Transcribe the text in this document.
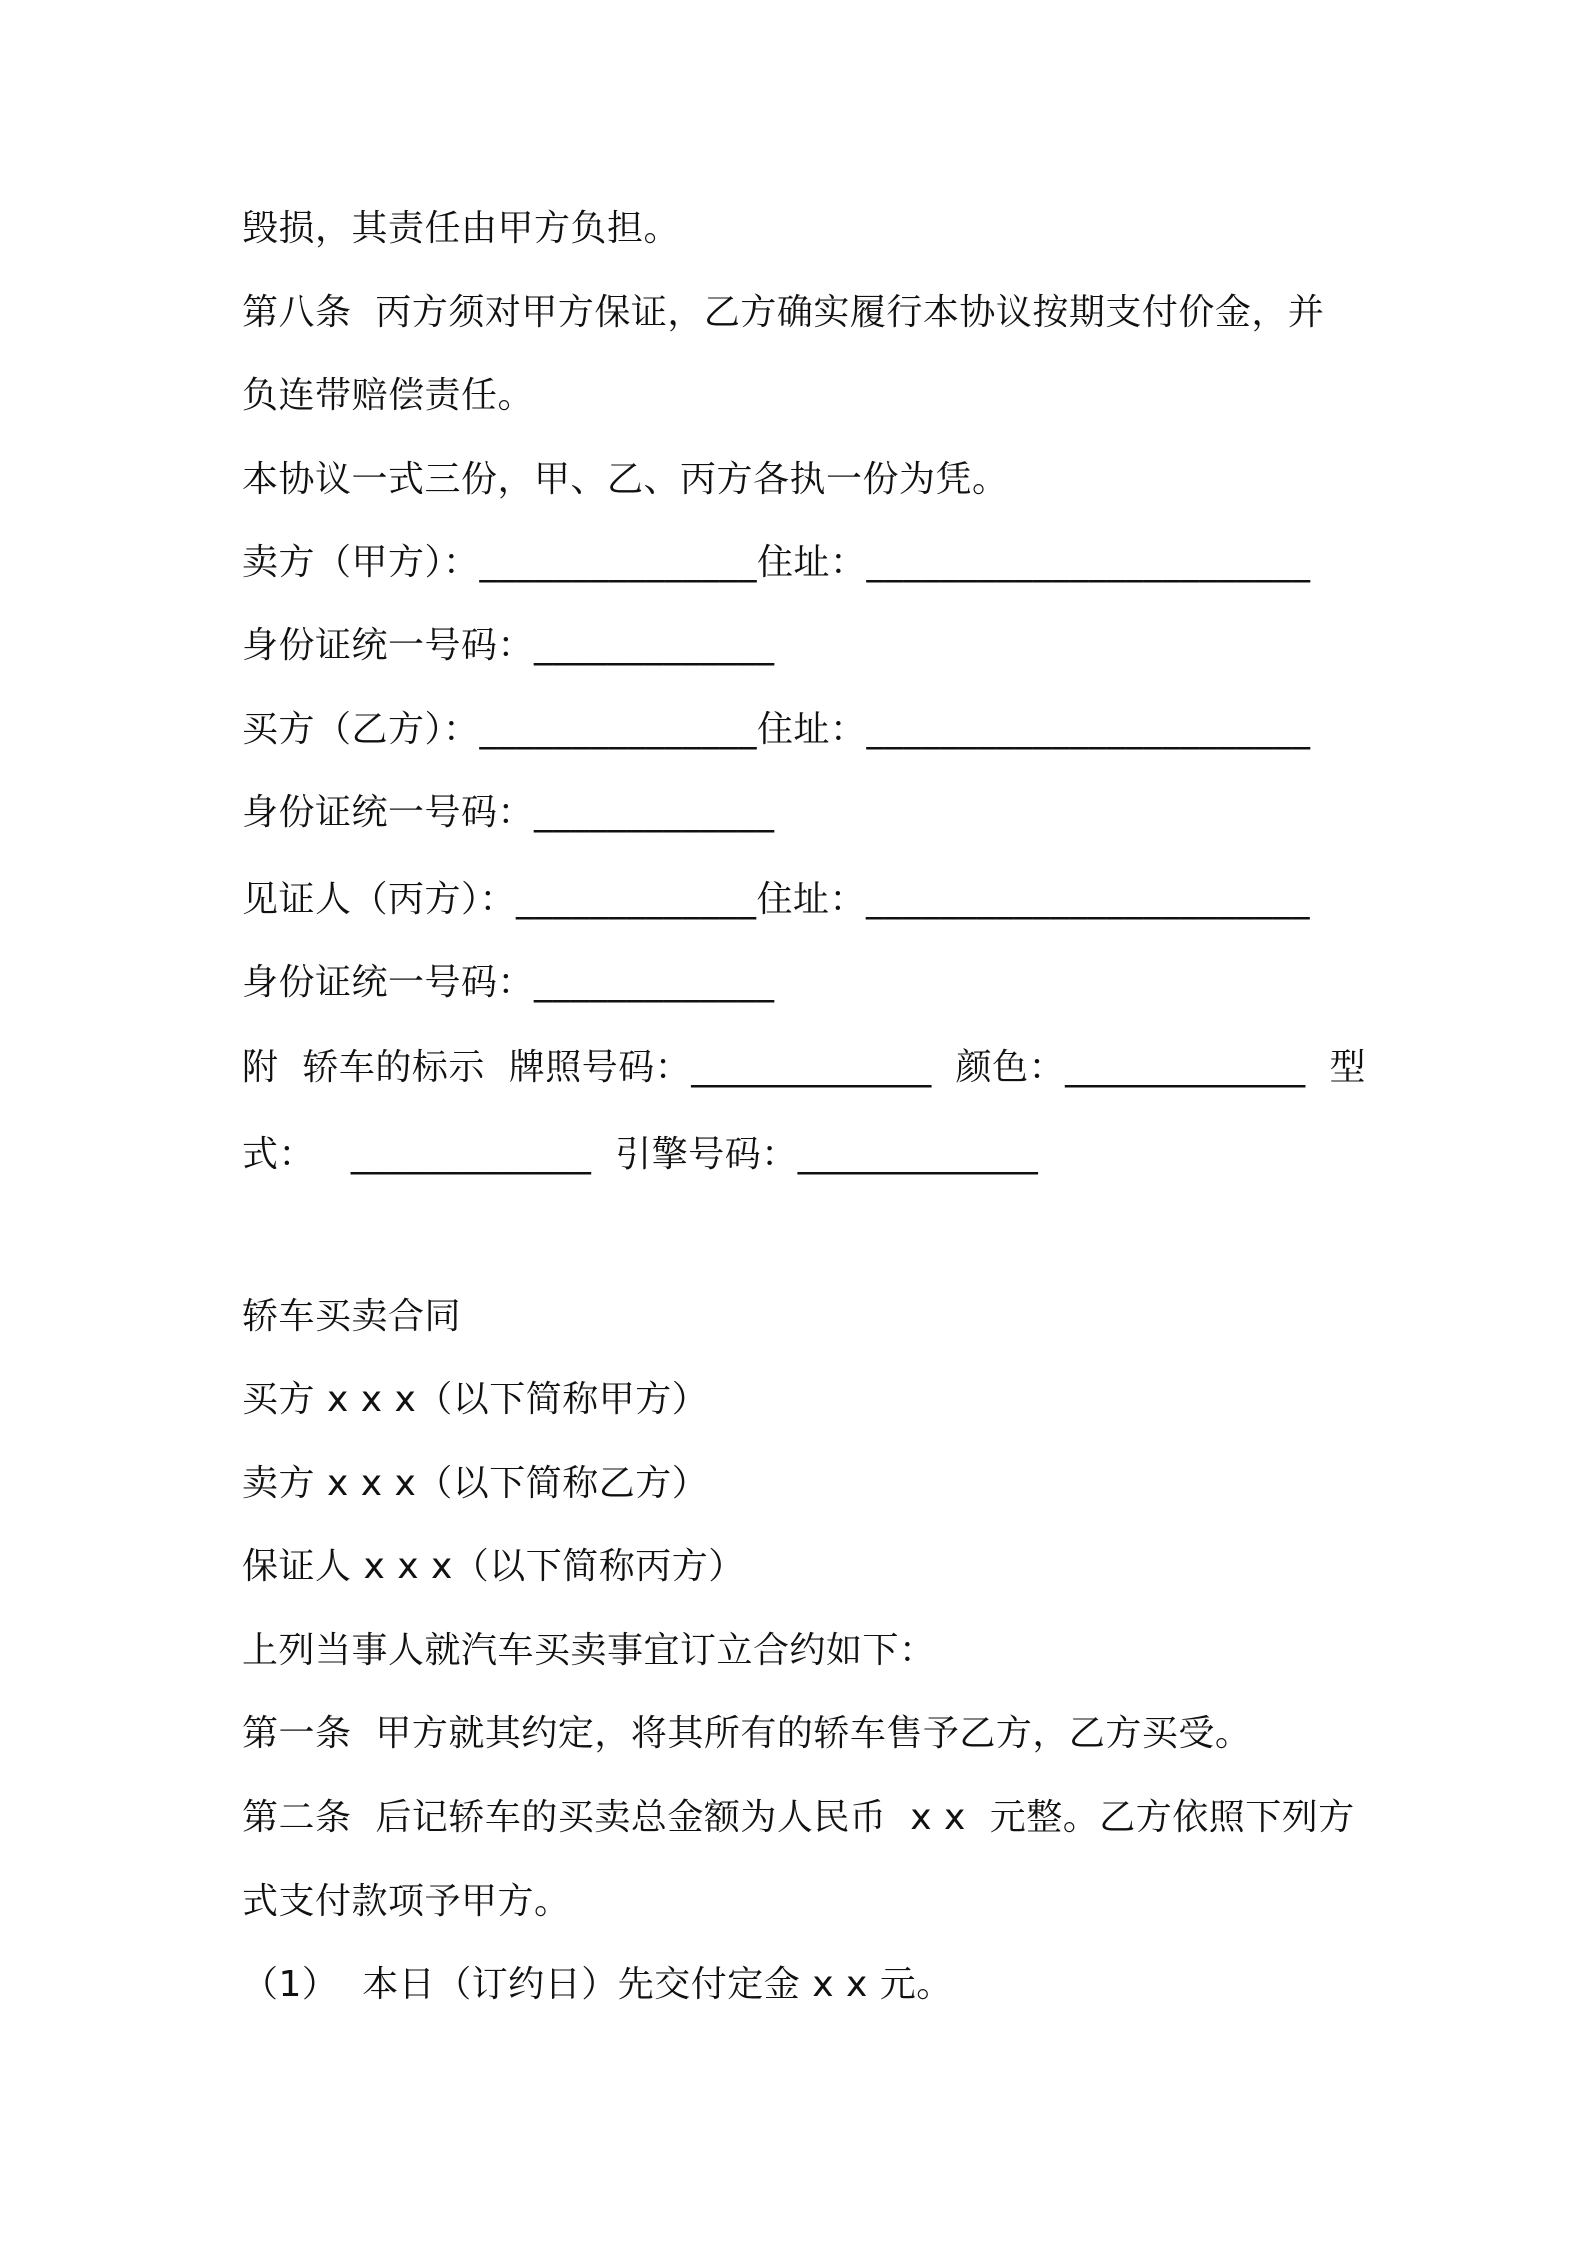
毁损，其责任由甲方负担。
第八条  丙方须对甲方保证，乙方确实履行本协议按期支付价金，并
负连带赔偿责任。
本协议一式三份，甲、乙、丙方各执一份为凭。
卖方（甲方）：_______________住址：________________________
身份证统一号码：_____________
买方（乙方）：_______________住址：________________________
身份证统一号码：_____________
见证人（丙方）：_____________住址：________________________
身份证统一号码：_____________
附  轿车的标示  牌照号码：_____________  颜色：_____________  型
式：   _____________  引擎号码：_____________
轿车买卖合同
买方 x x x（以下简称甲方）
卖方 x x x（以下简称乙方）
保证人 x x x（以下简称丙方）
上列当事人就汽车买卖事宜订立合约如下：
第一条  甲方就其约定，将其所有的轿车售予乙方，乙方买受。
第二条  后记轿车的买卖总金额为人民币  x x  元整。乙方依照下列方
式支付款项予甲方。
（1）  本日（订约日）先交付定金 x x 元。
